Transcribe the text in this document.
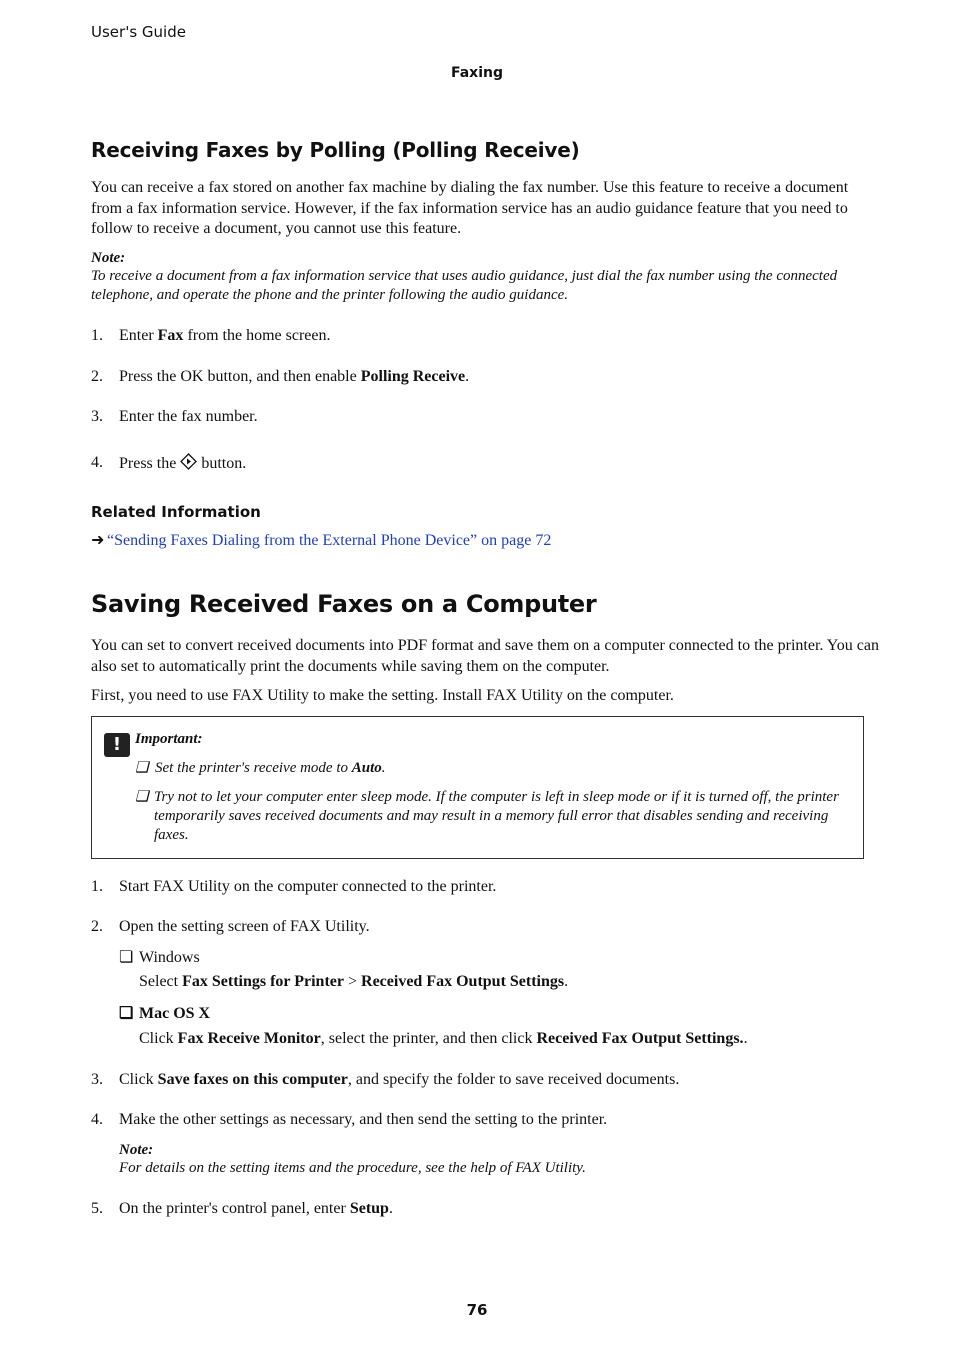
User's Guide
Faxing
Receiving Faxes by Polling (Polling Receive)
You can receive a fax stored on another fax machine by dialing the fax number. Use this feature to receive a document from a fax information service. However, if the fax information service has an audio guidance feature that you need to follow to receive a document, you cannot use this feature.
Note:
To receive a document from a fax information service that uses audio guidance, just dial the fax number using the connected telephone, and operate the phone and the printer following the audio guidance.
1. Enter Fax from the home screen.
2. Press the OK button, and then enable Polling Receive.
3. Enter the fax number.
4. Press the  button.
Related Information
➜ “Sending Faxes Dialing from the External Phone Device” on page 72
Saving Received Faxes on a Computer
You can set to convert received documents into PDF format and save them on a computer connected to the printer. You can also set to automatically print the documents while saving them on the computer.
First, you need to use FAX Utility to make the setting. Install FAX Utility on the computer.
! Important:
❏ Set the printer's receive mode to Auto.
❏ Try not to let your computer enter sleep mode. If the computer is left in sleep mode or if it is turned off, the printer temporarily saves received documents and may result in a memory full error that disables sending and receiving faxes.
1. Start FAX Utility on the computer connected to the printer.
2. Open the setting screen of FAX Utility.
❏ Windows
Select Fax Settings for Printer > Received Fax Output Settings.
❏ Mac OS X
Click Fax Receive Monitor, select the printer, and then click Received Fax Output Settings..
3. Click Save faxes on this computer, and specify the folder to save received documents.
4. Make the other settings as necessary, and then send the setting to the printer.
Note:
For details on the setting items and the procedure, see the help of FAX Utility.
5. On the printer's control panel, enter Setup.
76
